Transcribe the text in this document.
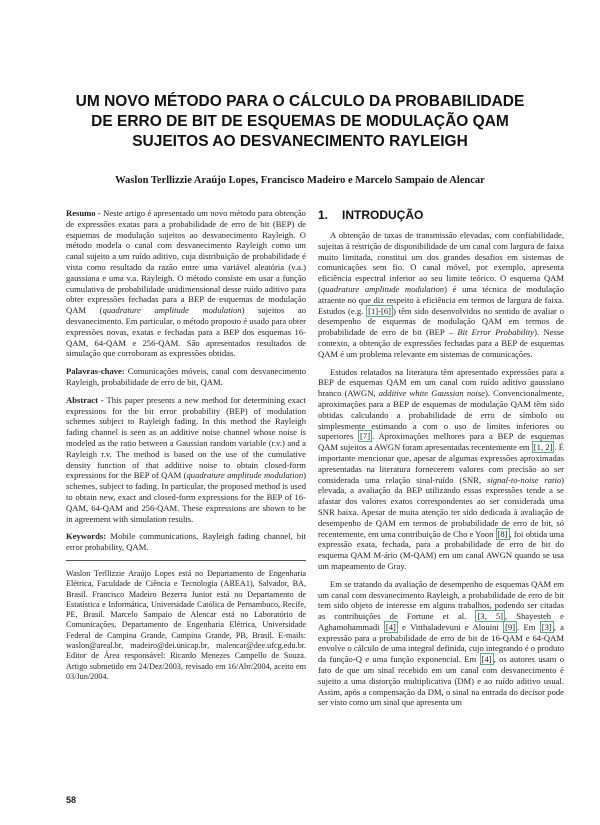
UM NOVO MÉTODO PARA O CÁLCULO DA PROBABILIDADE
DE ERRO DE BIT DE ESQUEMAS DE MODULAÇÃO QAM
SUJEITOS AO DESVANECIMENTO RAYLEIGH
Waslon Terllizzie Araújo Lopes, Francisco Madeiro e Marcelo Sampaio de Alencar

Resumo - Neste artigo é apresentado um novo método para obtenção de expressões exatas para a probabilidade de erro de bit (BEP) de esquemas de modulação sujeitos ao desvanecimento Rayleigh. O método modela o canal com desvanecimento Rayleigh como um canal sujeito a um ruído aditivo, cuja distribuição de probabilidade é vista como resultado da razão entre uma variável aleatória (v.a.) gaussiana e uma v.a. Rayleigh. O método consiste em usar a função cumulativa de probabilidade unidimensional desse ruído aditivo para obter expressões fechadas para a BEP de esquemas de modulação QAM (quadrature amplitude modulation) sujeitos ao desvanecimento. Em particular, o método proposto é usado para obter expressões novas, exatas e fechadas para a BEP dos esquemas 16-QAM, 64-QAM e 256-QAM. São apresentados resultados de simulação que corroboram as expressões obtidas.

Palavras-chave: Comunicações móveis, canal com desvanecimento Rayleigh, probabilidade de erro de bit, QAM.

Abstract - This paper presents a new method for determining exact expressions for the bit error probability (BEP) of modulation schemes subject to Rayleigh fading. In this method the Rayleigh fading channel is seen as an additive noise channel whose noise is modeled as the ratio between a Gaussian random variable (r.v.) and a Rayleigh r.v. The method is based on the use of the cumulative density function of that additive noise to obtain closed-form expressions for the BEP of QAM (quadrature amplitude modulation) schemes, subject to fading. In particular, the proposed method is used to obtain new, exact and closed-form expressions for the BEP of 16-QAM, 64-QAM and 256-QAM. These expressions are shown to be in agreement with simulation results.

Keywords: Mobile communications, Rayleigh fading channel, bit error probability, QAM.

Waslon Terllizzie Araújo Lopes está no Departamento de Engenharia Elétrica, Faculdade de Ciência e Tecnologia (AREA1), Salvador, BA, Brasil. Francisco Madeiro Bezerra Junior está no Departamento de Estatística e Informática, Universidade Católica de Pernambuco, Recife, PE, Brasil. Marcelo Sampaio de Alencar está no Laboratório de Comunicações, Departamento de Engenharia Elétrica, Universidade Federal de Campina Grande, Campina Grande, PB, Brasil. E-mails: waslon@areal.br, madeiro@dei.unicap.br, malencar@dee.ufcg.edu.br. Editor de Área responsável: Ricardo Menezes Campello de Souza. Artigo submetido em 24/Dez/2003, revisado em 16/Abr/2004, aceito em 03/Jun/2004.

1. INTRODUÇÃO

A obtenção de taxas de transmissão elevadas, com confiabilidade, sujeitas à restrição de disponibilidade de um canal com largura de faixa muito limitada, constitui um dos grandes desafios em sistemas de comunicações sem fio. O canal móvel, por exemplo, apresenta eficiência espectral inferior ao seu limite teórico. O esquema QAM (quadrature amplitude modulation) é uma técnica de modulação atraente no que diz respeito à eficiência em termos de largura de faixa. Estudos (e.g. [1]-[6] ) têm sido desenvolvidos no sentido de avaliar o desempenho de esquemas de modulação QAM em termos de probabilidade de erro de bit (BEP – Bit Error Probability). Nesse contexto, a obtenção de expressões fechadas para a BEP de esquemas QAM é um problema relevante em sistemas de comunicações.

Estudos relatados na literatura têm apresentado expressões para a BEP de esquemas QAM em um canal com ruído aditivo gaussiano branco (AWGN, additive white Gaussian noise). Convencionalmente, aproximações para a BEP de esquemas de modulação QAM têm sido obtidas calculando a probabilidade de erro de símbolo ou simplesmente estimando a com o uso de limites inferiores ou superiores [7] . Aproximações melhores para a BEP de esquemas QAM sujeitos a AWGN foram apresentadas recentemente em [1, 2] . É importante mencionar que, apesar de algumas expressões aproximadas apresentadas na literatura fornecerem valores com precisão ao ser considerada uma relação sinal-ruído (SNR, signal-to-noise ratio) elevada, a avaliação da BEP utilizando essas expressões tende a se afastar dos valores exatos correspondentes ao ser considerada uma SNR baixa. Apesar de muita atenção ter sido dedicada à avaliação de desempenho de QAM em termos de probabilidade de erro de bit, só recentemente, em uma contribuição de Cho e Yoon [8] , foi obtida uma expressão exata, fechada, para a probabilidade de erro de bit do esquema QAM M-ário (M-QAM) em um canal AWGN quando se usa um mapeamento de Gray.

Em se tratando da avaliação de desempenho de esquemas QAM em um canal com desvanecimento Rayleigh, a probabilidade de erro de bit tem sido objeto de interesse em alguns trabalhos, podendo ser citadas as contribuições de Fortune et al. [3, 5] , Shayesteh e Aghamohammadi [4] e Vitthaladevuni e Alouini [9] . Em [3] , a expressão para a probabilidade de erro de bit de 16-QAM e 64-QAM envolve o cálculo de uma integral definida, cujo integrando é o produto da função-Q e uma função exponencial. Em [4] , os autores usam o fato de que um sinal recebido em um canal com desvanecimento é sujeito a uma distorção multiplicativa (DM) e ao ruído aditivo usual. Assim, após a compensação da DM, o sinal na entrada do decisor pode ser visto como um sinal que apresenta um

58
